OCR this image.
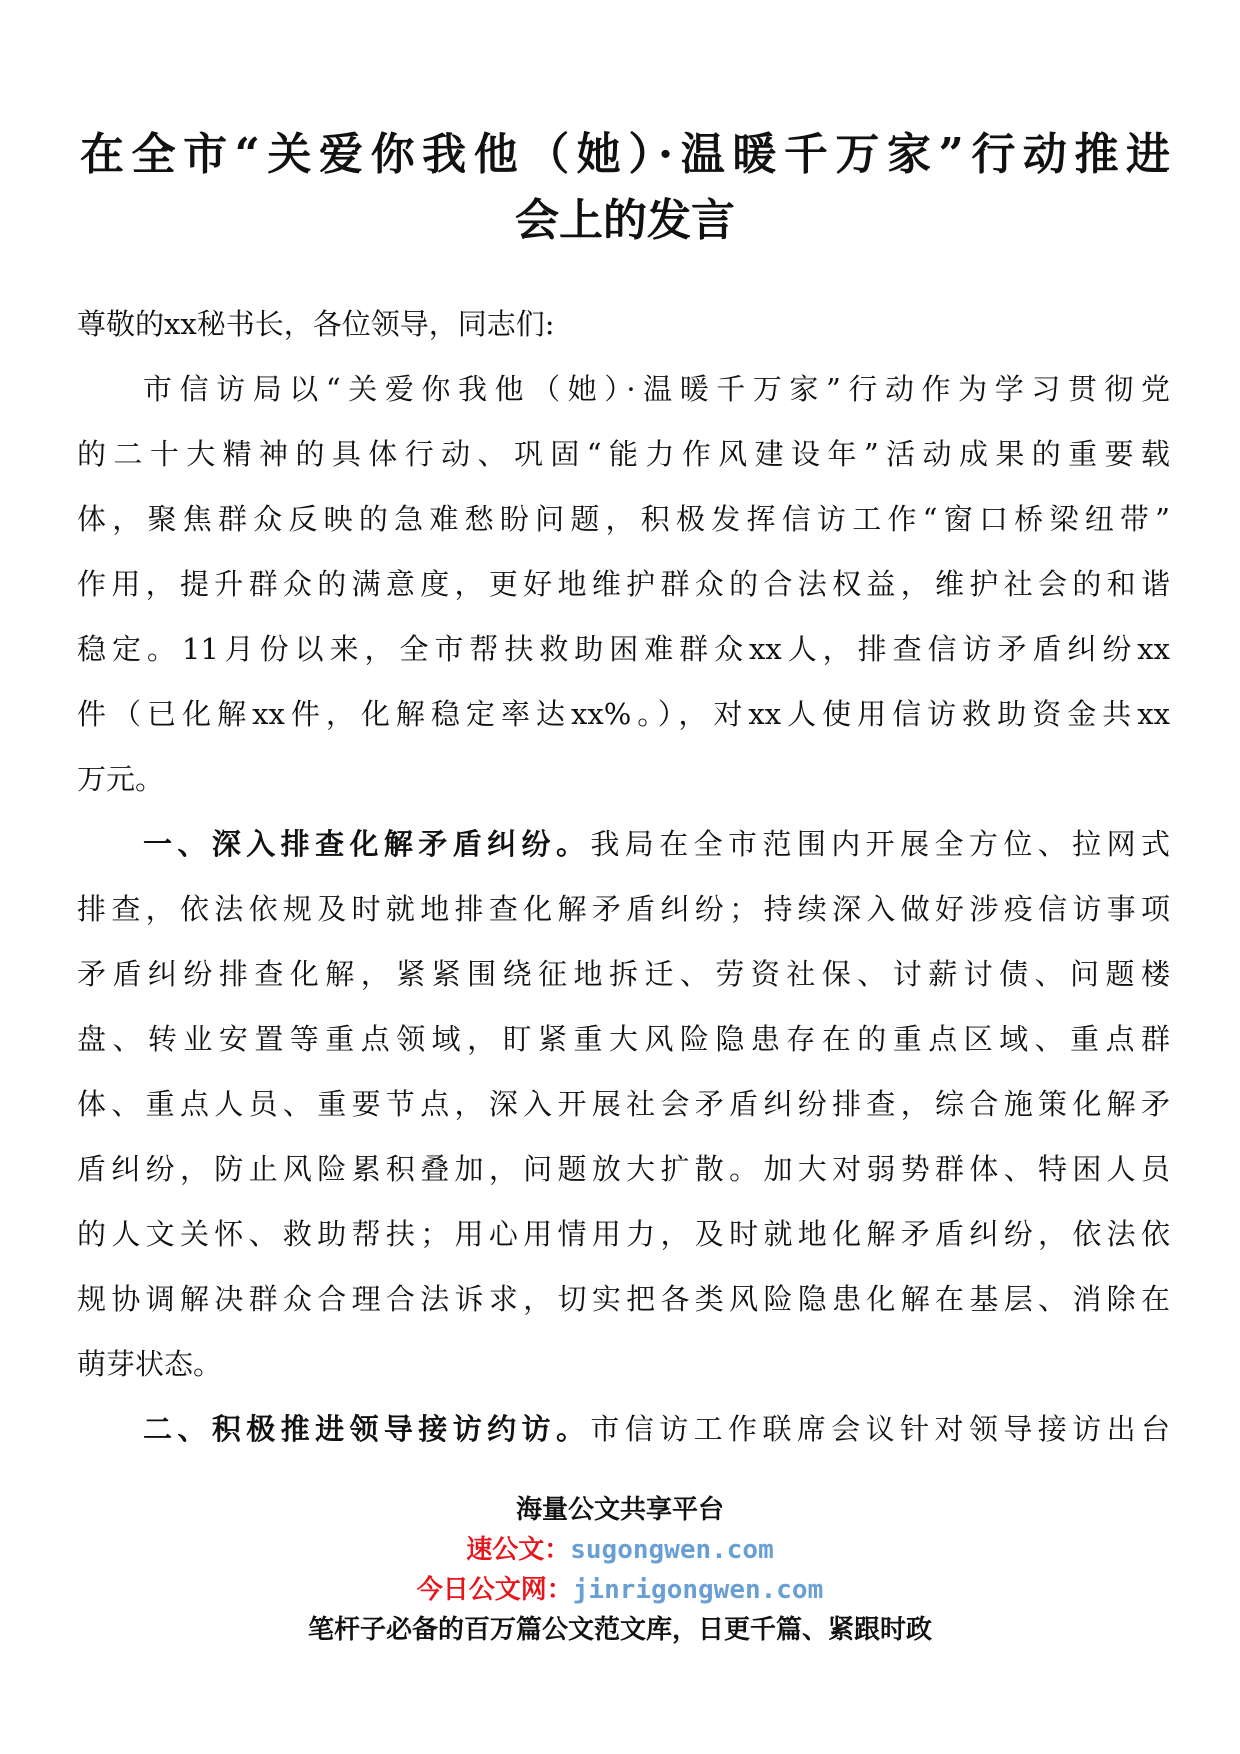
在全市“关爱你我他（她）·温暖千万家”行动推进
会上的发言
尊敬的xx秘书长，各位领导，同志们:
市信访局以“关爱你我他（她）·温暖千万家”行动作为学习贯彻党
的二十大精神的具体行动、巩固“能力作风建设年”活动成果的重要载
体，聚焦群众反映的急难愁盼问题，积极发挥信访工作“窗口桥梁纽带”
作用，提升群众的满意度，更好地维护群众的合法权益，维护社会的和谐
稳定。11月份以来，全市帮扶救助困难群众xx人，排查信访矛盾纠纷xx
件（已化解xx件，化解稳定率达xx%。），对xx人使用信访救助资金共xx
万元。
一、深入排查化解矛盾纠纷。我局在全市范围内开展全方位、拉网式
排查，依法依规及时就地排查化解矛盾纠纷；持续深入做好涉疫信访事项
矛盾纠纷排查化解，紧紧围绕征地拆迁、劳资社保、讨薪讨债、问题楼
盘、转业安置等重点领域，盯紧重大风险隐患存在的重点区域、重点群
体、重点人员、重要节点，深入开展社会矛盾纠纷排查，综合施策化解矛
盾纠纷，防止风险累积叠加，问题放大扩散。加大对弱势群体、特困人员
的人文关怀、救助帮扶；用心用情用力，及时就地化解矛盾纠纷，依法依
规协调解决群众合理合法诉求，切实把各类风险隐患化解在基层、消除在
萌芽状态。
二、积极推进领导接访约访。市信访工作联席会议针对领导接访出台
海量公文共享平台
速公文：sugongwen.com
今日公文网：jinrigongwen.com
笔杆子必备的百万篇公文范文库，日更千篇、紧跟时政
